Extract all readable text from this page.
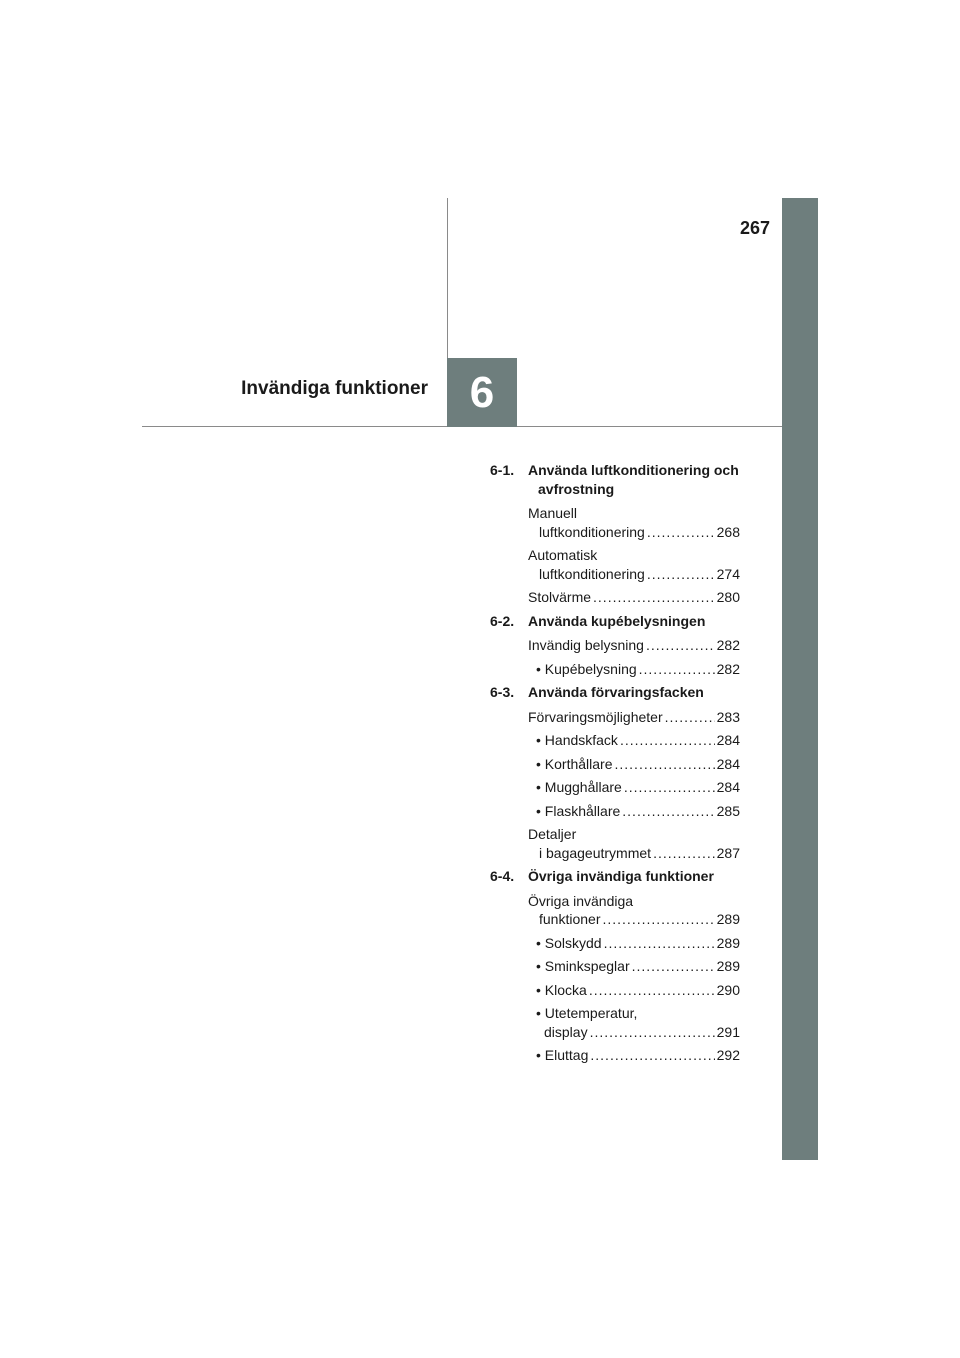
267
Invändiga funktioner 6
6-1. Använda luftkonditionering och avfrostning
Manuell
luftkonditionering .....	268
Automatisk
luftkonditionering .....	274
Stolvärme .....	280
6-2. Använda kupébelysningen
Invändig belysning .....	282
• Kupébelysning .....	282
6-3. Använda förvaringsfacken
Förvaringsmöjligheter .....	283
• Handskfack .....	284
• Korthållare .....	284
• Mugghållare .....	284
• Flaskhållare .....	285
Detaljer
i bagageutrymmet .....	287
6-4. Övriga invändiga funktioner
Övriga invändiga
funktioner .....	289
• Solskydd .....	289
• Sminkspeglar .....	289
• Klocka .....	290
• Utetemperatur,
display .....	291
• Eluttag .....	292
